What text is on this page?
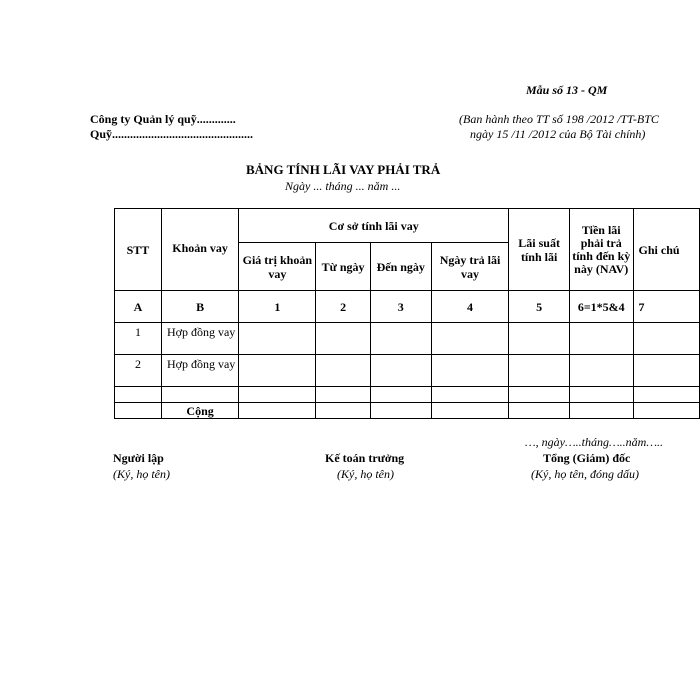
Mẫu số 13 - QM
Công ty Quản lý quỹ.............
Quỹ...............................................
(Ban hành theo TT số 198 /2012 /TT-BTC
ngày 15 /11 /2012 của Bộ Tài chính)
BẢNG TÍNH LÃI VAY PHẢI TRẢ
Ngày ... tháng ... năm ...
STT	Khoản vay	Cơ sở tính lãi vay				Lãi suất tính lãi	Tiền lãi phải trả tính đến kỳ này (NAV)	Ghi chú
		Giá trị khoản vay	Từ ngày	Đến ngày	Ngày trả lãi vay			
A	B	1	2	3	4	5	6=1*5&4	7
1	Hợp đồng vay							
2	Hợp đồng vay							

	Cộng							
…, ngày…..tháng…..năm…..
Người lập
(Ký, họ tên)
Kế toán trưởng
(Ký, họ tên)
Tổng (Giám) đốc
(Ký, họ tên, đóng dấu)
